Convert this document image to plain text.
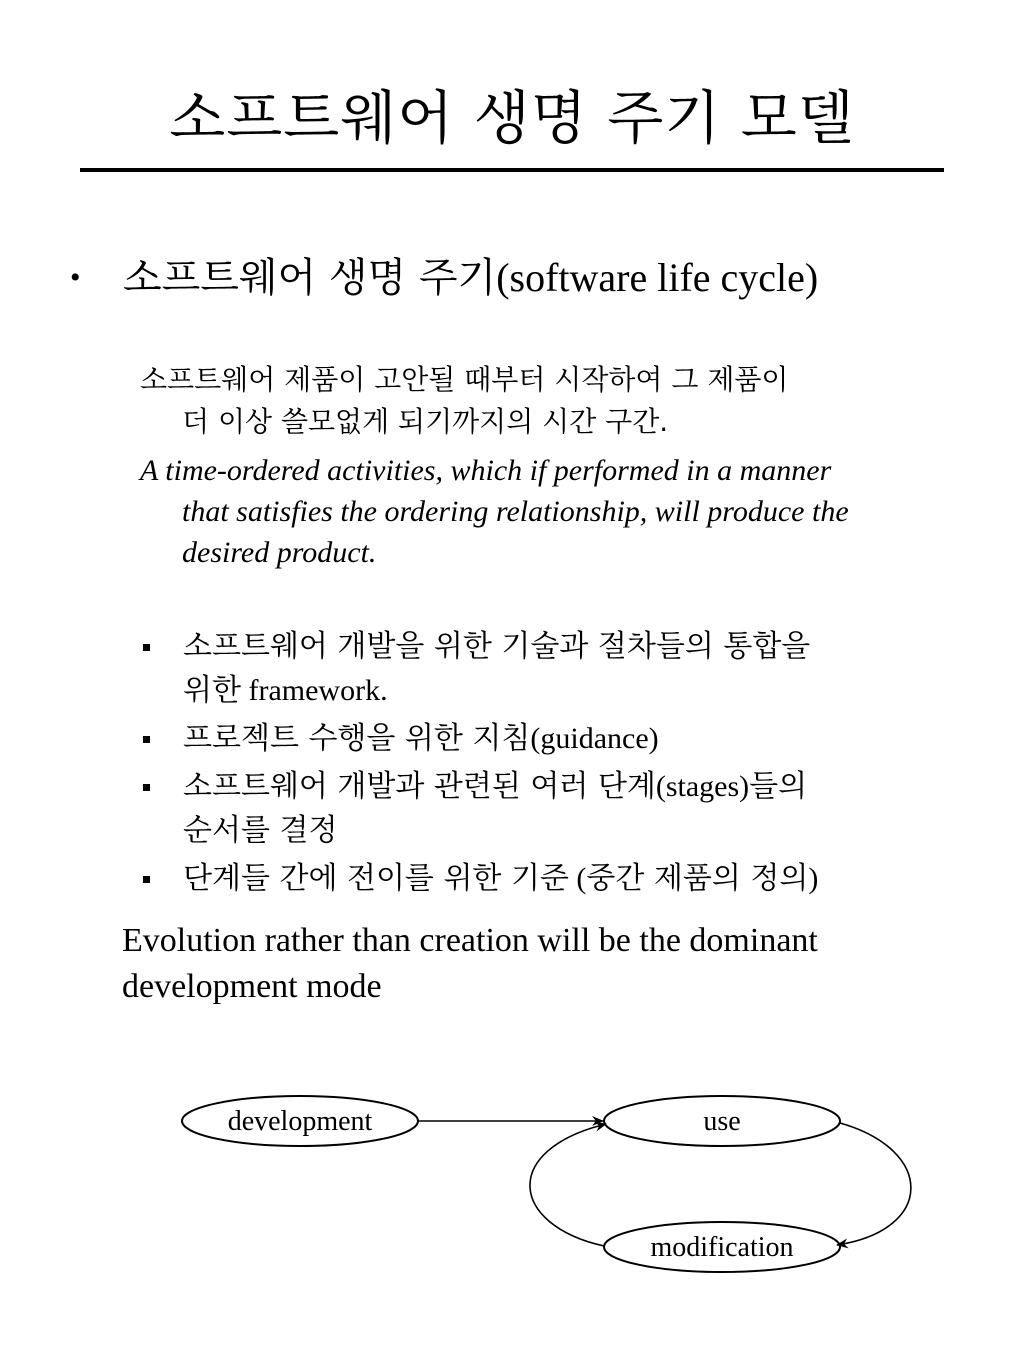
소프트웨어 생명 주기 모델
• 소프트웨어 생명 주기(software life cycle)
소프트웨어 제품이 고안될 때부터 시작하여 그 제품이
더 이상 쓸모없게 되기까지의 시간 구간.
A time-ordered activities, which if performed in a manner
that satisfies the ordering relationship, will produce the
desired product.
소프트웨어 개발을 위한 기술과 절차들의 통합을
위한 framework.
프로젝트 수행을 위한 지침(guidance)
소프트웨어 개발과 관련된 여러 단계(stages)들의
순서를 결정
단계들 간에 전이를 위한 기준 (중간 제품의 정의)
Evolution rather than creation will be the dominant
development mode
development	use
modification
